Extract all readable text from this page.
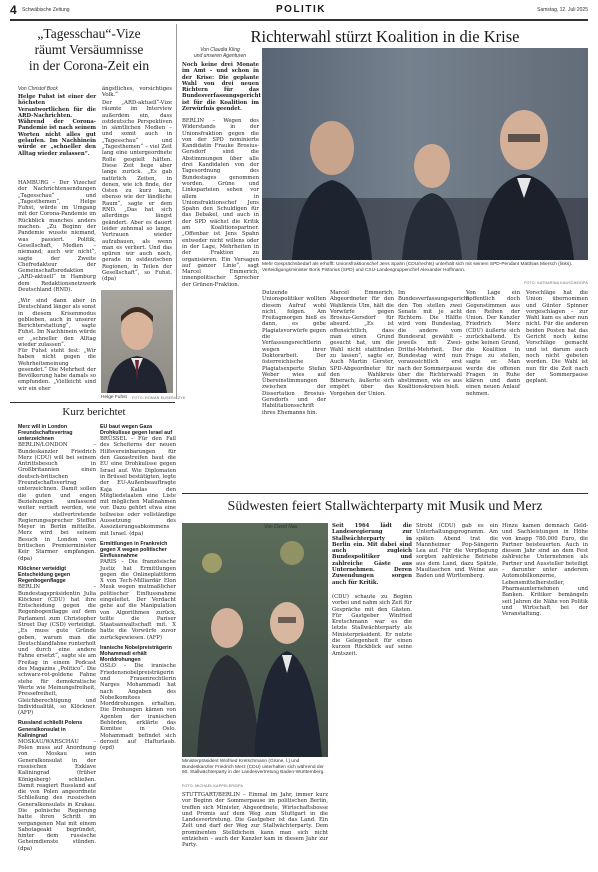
4 Schwäbische Zeitung	POLITIK	Samstag, 12. Juli 2025
„Tagesschau“-Vize
räumt Versäumnisse
in der Corona-Zeit ein
Von Christof Bock
Helge Fuhst ist einer der höchsten Verantwortlichen für die ARD-Nachrichten. Während der Corona-Pandemie ist nach seinem Worten nicht alles gut gelaufen. Im Nachhinein würde er „schneller den Alltag wieder zulassen“.
HAMBURG – Der Vizechef der Nachrichtensendungen „Tagesschau“ und „Tagesthemen“, Helge Fuhst, würde im Umgang mit der Corona-Pandemie im Rückblick manches anders machen. „Zu Beginn der Pandemie wusste niemand, was passiert. Politik, Gesellschaft, Medien – niemand, auch wir nicht“, sagte der Zweite Chefredakteur der Gemeinschaftsredaktion „ARD-aktuell“ in Hamburg dem Redaktionsnetzwerk Deutschland (RND).
„Wir sind dann aber in Deutschland länger als sonst in diesem Krisenmodus geblieben, auch in unserer Berichterstattung“, sagte Fuhst. Im Nachhinein würde er „schneller den Alltag wieder zulassen“.
Für Fuhst steht fest: „Wir haben nicht gegen die Wehrheitsmeinung gesendet.“ Die Mehrheit der Bevölkerung habe damals so empfunden. „Vielleicht sind wir ein eher
ängstliches, vorsichtiges Volk.“
Der „ARD-aktuell“-Vize räumte im Interview außerdem ein, dass ostdeutsche Perspektiven in sämtlichen Medien – und somit auch in „Tagesschau“ und „Tagesthemen“ – viel Zeit lang eine untergeordnete Rolle gespielt hätten. Diese Zeit liege aber lange zurück. „Es gab natürlich Zeiten, in denen, wie ich finde, der Osten zu kurz kam, ebenso wie der ländliche Raum“, sagte er dem RND. „Das hat sich allerdings längst geändert. Aber es dauert leider zehnmal so lange, Vertrauen wieder aufzubauen, als wenn man es verliert. Und das spüren wir auch noch, gerade in ostdeutschen Regionen, in Teilen der Gesellschaft“, so Fuhst. (dpa)
Helge Fuhst FOTO: ROMAN EUSEBICZYK
Kurz berichtet
Merz will in London Freundschaftsvertrag unterzeichnen
BERLIN/LONDON – Bundeskanzler Friedrich Merz (CDU) will bei seinem Antrittsbesuch in Großbritannien einen deutsch-britischen Freundschaftsvertrag unterzeichnen. Damit sollen die guten und engen Beziehungen umfassend weiter vertieft werden, wie der stellvertretende Regierungssprecher Steffen Meyer in Berlin mitteilte. Merz wird bei seinem Besuch in London vom britischen Premierminister Keir Starmer empfangen. (dpa)
Klöckner verteidigt Entscheidung gegen Regenbogenflagge
BERLIN – Bundestagspräsidentin Julia Klöckner (CDU) hat ihre Entscheidung gegen die Regenbogenflagge auf dem Parlament zum Christopher Street Day (CSD) verteidigt. „Es muss gute Gründe geben, warum man die Deutschlandfahne runterholt und durch eine andere Fahne ersetzt“, sagte sie am Freitag in einem Podcast des Magazins „Politico“. Die schwarz-rot-goldene Fahne stehe für demokratische Werte wie Meinungsfreiheit, Pressefreiheit, Gleichberechtigung und Individualität, so Klöckner. (AFP)
Russland schließt Polens Generalkonsulat in Kaliningrad
MOSKAU/WARSCHAU – Polen muss auf Anordnung von Moskau sein Generalkonsulat in der russischen Exklave Kaliningrad (früher Königsberg) schließen. Damit reagiert Russland auf die von Polen angeordnete Schließung des russischen Generalkonsulats in Krakau. Die polnische Regierung hatte ihren Schritt im vergangenen Mai mit einem Sabotageakt begründet, hinter dem russische Geheimdienste stünden. (dpa)
EU baut wegen Gaza Drohkulisse gegen Israel auf
BRÜSSEL – Für den Fall des Scheiterns der neuen Hilfsvereinbarungen für den Gazastreifen baut die EU eine Drohkulisse gegen Israel auf. Wie Diplomaten in Brüssel bestätigten, legte der EU-Außenbeauftragte Kaja Kallas den Mitgliedstaaten eine Liste mit möglichen Maßnahmen vor. Dazu gehört etwa eine teilweise oder vollständige Aussetzung des Assoziierungsabkommens mit Israel. (dpa)
Ermittlungen in Frankreich gegen X wegen politischer Einflussnahme
PARIS – Die französische Justiz hat Ermittlungen gegen die Onlineplattform X von Tech-Milliardär Elon Musk wegen mutmaßlicher politischer Einflussnahme eingeleitet. Der Verdacht gehe auf die Manipulation von Algorithmen zurück, teilte die Pariser Staatsanwaltschaft mit. X hatte die Vorwürfe zuvor zurückgewiesen. (AFP)
Iranische Nobelpreisträgerin Mohammadi erhält Morddrohungen
OSLO – Die iranische Friedensnobelpreisträgerin und Frauenrechtlerin Narges Mohammadi hat nach Angaben des Nobelkomitees Morddrohungen erhalten. Die Drohungen kämen von Agenten der iranischen Behörden, erklärte das Komitee in Oslo. Mohammadi befindet sich derzeit auf Hafturlaub. (epd)
Richterwahl stürzt Koalition in die Krise
Von Claudia Kling
und unseren Agenturen
Noch keine drei Monate im Amt – und schon in der Krise: Die geplante Wahl von drei neuen Richtern für das Bundesverfassungsgericht ist für die Koalition im Zerwürfnis geendet.
BERLIN – Wegen des Widerstands in der Unionsfraktion gegen die von der SPD nominierte Kandidatin Frauke Brosius-Gersdorf sind die Abstimmungen über alle drei Kandidaten von der Tagesordnung des Bundestages genommen worden. Grüne und Linksparteien sehen vor allem in Unionsfraktionschef Jens Spahn den Schuldigen für das Debakel, und auch in der SPD wächst die Kritik am Koalitionspartner. „Offenbar ist Jens Spahn entweder nicht willens oder in der Lage, Mehrheiten in der Fraktion zu organisieren. Ein Versagen auf ganzer Linie“, sagt Marcel Emmerich, innenpolitischer Sprecher der Grünen-Fraktion.
Mehr Gesprächsbedarf als erhofft: Unionsfraktionschef Jens Spahn (CDU/rechts) unterhält sich mit seinem SPD-Pendant Matthias Miersch (links). Verteidigungsminister Boris Pistorius (SPD) und CSU-Landesgruppenchef Alexander Hoffmann.
FOTO: KATHARINA KAUSCHE/DPA
Dutzende Unionspolitiker wollten diesem Aufruf wohl nicht folgen. Am Freitagmorgen hieß es dann, es gebe Plagiatsvorwürfe gegen die Verfassungsrechtlerin wegen ihrer Doktorarbeit. Der österreichische Plagiatsexperte Stefan Weber wies auf Übereinstimmungen zwischen der Dissertation Brosius-Gersdorfs und der Habilitationsschrift ihres Ehemanns hin.
Marcel Emmerich, Abgeordneter für den Wahlkreis Ulm, hält die Vorwürfe gegen Brosius-Gersdorf für absurd. „Es ist offensichtlich, dass man einen Grund gesucht hat, um die Wahl nicht stattfinden zu lassen“, sagte er. Auch Martin Gerster, SPD-Abgeordneter für den Wahlkreis Biberach, äußerte sich empört über das Vorgehen der Union.
Im Bundesverfassungsgericht, den Ton stellen zwei Senate mit je acht Richtern. Die Hälfte wird vom Bundestag, die andere vom Bundesrat gewählt – jeweils mit Zwei-Drittel-Mehrheit. Der Bundestag wird nun voraussichtlich erst nach der Sommerpause über die Richterwahl abstimmen, wie es aus Koalitionskreisen hieß.
Von Lage ein hoffentlich doch Gegenstimmen aus den Reihen der Union. Der Kanzler Friedrich Merz (CDU) äußerte sich zurückhaltend. Es gebe keinen Grund, die Koalition in Frage zu stellen, sagte er. Man werde die offenen Fragen in Ruhe klären und dann einen neuen Anlauf nehmen.
Vorschläge hat die Union übernommen und Günter Spinner vorgeschlagen – zur Wahl kam es aber nun nicht. Für die anderen beiden Posten hat das Gericht noch keine Vorschläge gemacht und ist darum auch noch nicht gebeten worden. Die Wahl ist nun für die Zeit nach der Sommerpause geplant.
Südwesten feiert Stallwächterparty mit Musik und Merz
Ministerpräsident Winfried Kretschmann (Grüne, l.) und Bundeskanzler Friedrich Merz (CDU) unterhalten sich während der 60. Stallwächterparty in der Landesvertretung Baden-Württemberg.
FOTO: MICHAEL KAPPELER/DPA
Von David Nau
STUTTGART/BERLIN – Einmal im Jahr, immer kurz vor Beginn der Sommerpause im politischen Berlin, treffen sich Minister, Abgeordnete, Wirtschaftsbosse und Promis auf dem Weg zum Stuttgart in die Landesvertretung. Die Gastgeber ist das Land. Ein Zelt und darf der Weg zur Stallwächterparty. Dem prominenten Stelldichein kann man sich nicht entziehen – auch der Kanzler kam in diesem Jahr zur Party.
Seit 1964 lädt die Landesregierung zur Stallwächterparty in Berlin ein. Mit dabei sind auch zugleich Bundespolitiker und zahlreiche Gäste aus Unternehmen. Deren Zuwendungen sorgen auch für Kritik.
(CDU) schaute zu Beginn vorbei und nahm sich Zeit für Gespräche mit den Gästen. Für Gastgeber Winfried Kretschmann war es die letzte Stallwächterparty als Ministerpräsident. Er nutzte die Gelegenheit für einen kurzen Rückblick auf seine Amtszeit.
Strobl (CDU) gab es ein Unterhaltungsprogramm. Am späten Abend trat die Mannheimer Pop-Sängerin Lea auf. Für die Verpflegung sorgten zahlreiche Betriebe aus dem Land, dazu Spätzle, Maultaschen und Weine aus Baden und Württemberg.
Hinzu kamen demnach Geld- und Sachleistungen in Höhe von knapp 780.000 Euro, die Partner beisteuerten. Auch in diesem Jahr sind an dem Fest zahlreiche Unternehmen als Partner und Aussteller beteiligt – darunter unter anderem Automobilkonzerne, Lebensmittelhersteller, Pharmaunternehmen und Banken. Kritiker bemängeln seit Jahren die Nähe von Politik und Wirtschaft bei der Veranstaltung.
